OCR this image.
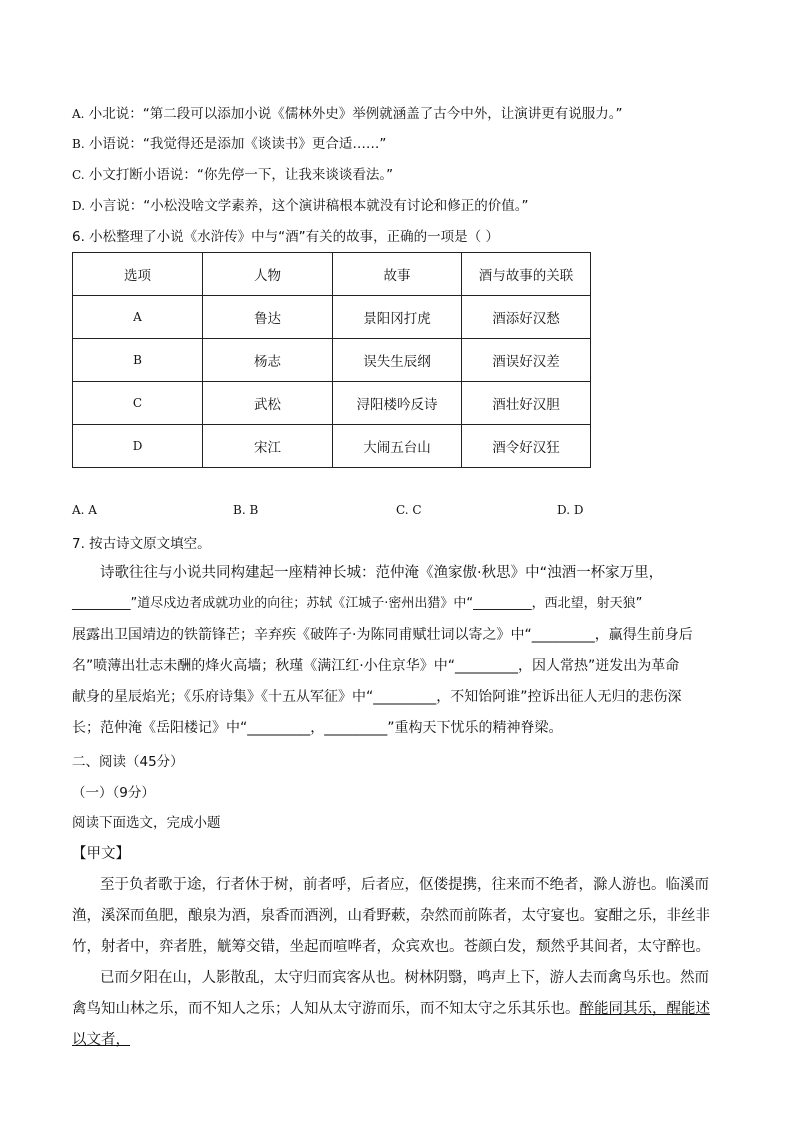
A. 小北说：“第二段可以添加小说《儒林外史》举例就涵盖了古今中外，让演讲更有说服力。”
B. 小语说：“我觉得还是添加《谈读书》更合适……”
C. 小文打断小语说：“你先停一下，让我来谈谈看法。”
D. 小言说：“小松没啥文学素养，这个演讲稿根本就没有讨论和修正的价值。”
6. 小松整理了小说《水浒传》中与“酒”有关的故事，正确的一项是（ ）
选项	人物	故事	酒与故事的关联
A	鲁达	景阳冈打虎	酒添好汉愁
B	杨志	误失生辰纲	酒误好汉差
C	武松	浔阳楼吟反诗	酒壮好汉胆
D	宋江	大闹五台山	酒令好汉狂
A. A	B. B	C. C	D. D
7. 按古诗文原文填空。
诗歌往往与小说共同构建起一座精神长城：范仲淹《渔家傲·秋思》中“浊酒一杯家万里，
_________”道尽戍边者成就功业的向往；苏轼《江城子·密州出猎》中“_________，西北望，射天狼”
展露出卫国靖边的铁箭锋芒；辛弃疾《破阵子·为陈同甫赋壮词以寄之》中“_________，赢得生前身后
名”喷薄出壮志未酬的烽火高墙；秋瑾《满江红·小住京华》中“_________，因人常热”迸发出为革命
献身的星辰焰光；《乐府诗集》《十五从军征》中“_________，不知饴阿谁”控诉出征人无归的悲伤深
长；范仲淹《岳阳楼记》中“_________，_________”重构天下忧乐的精神脊梁。
二、阅读（45分）
（一）（9分）
阅读下面选文，完成小题
【甲文】
至于负者歌于途，行者休于树，前者呼，后者应，伛偻提携，往来而不绝者，滁人游也。临溪而渔，溪深而鱼肥，酿泉为酒，泉香而酒洌，山肴野蔌，杂然而前陈者，太守宴也。宴酣之乐，非丝非竹，射者中，弈者胜，觥筹交错，坐起而喧哗者，众宾欢也。苍颜白发，颓然乎其间者，太守醉也。
已而夕阳在山，人影散乱，太守归而宾客从也。树林阴翳，鸣声上下，游人去而禽鸟乐也。然而禽鸟知山林之乐，而不知人之乐；人知从太守游而乐，而不知太守之乐其乐也。醉能同其乐，醒能述以文者，
